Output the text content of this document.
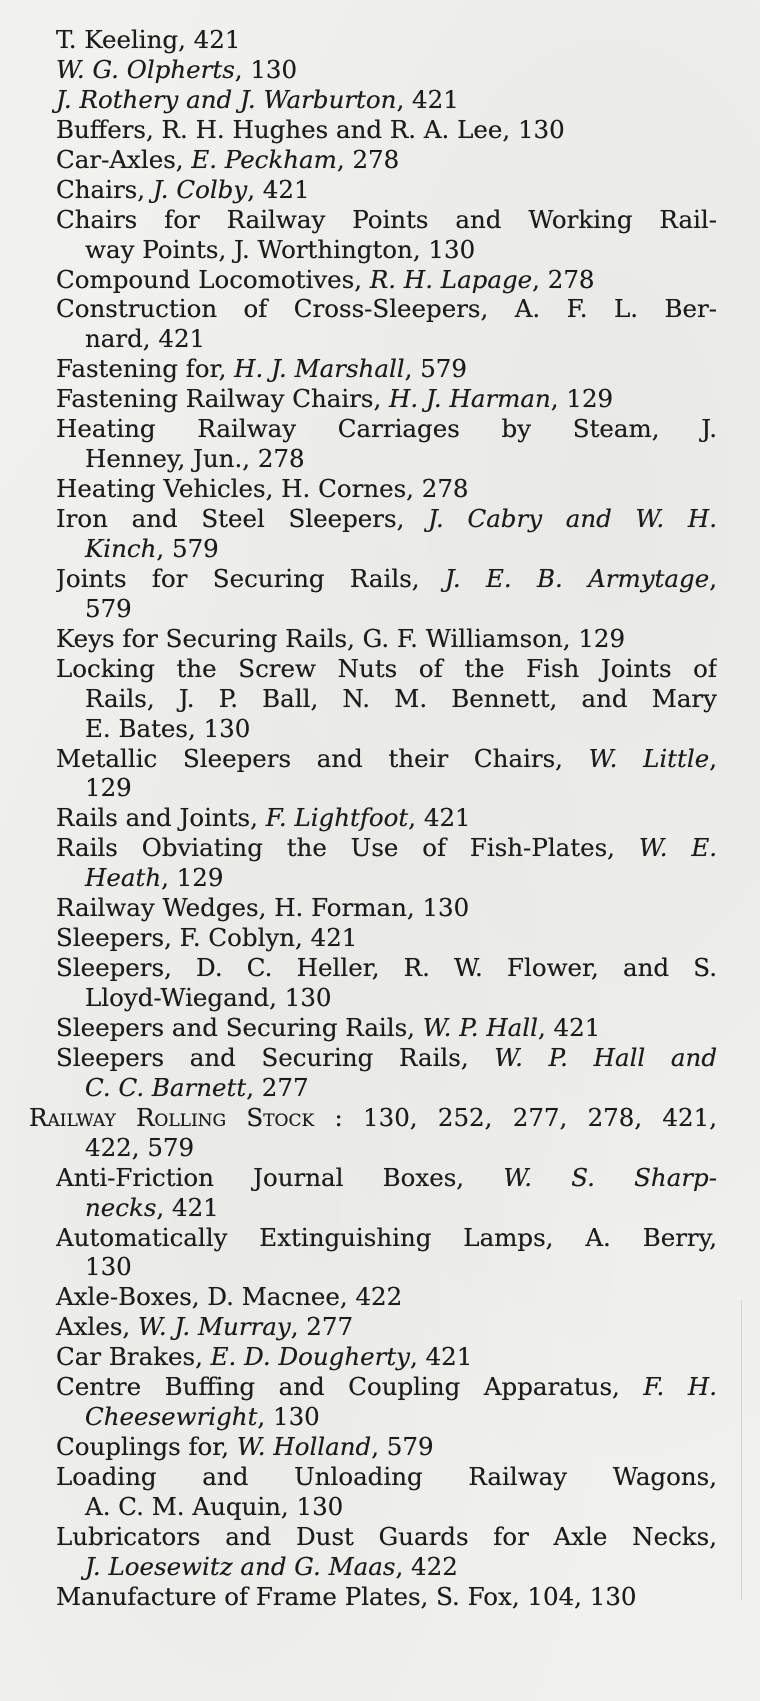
T. Keeling, 421
W. G. Olpherts, 130
J. Rothery and J. Warburton, 421
Buffers, R. H. Hughes and R. A. Lee, 130
Car-Axles, E. Peckham, 278
Chairs, J. Colby, 421
Chairs for Railway Points and Working Rail-
way Points, J. Worthington, 130
Compound Locomotives, R. H. Lapage, 278
Construction of Cross-Sleepers, A. F. L. Ber-
nard, 421
Fastening for, H. J. Marshall, 579
Fastening Railway Chairs, H. J. Harman, 129
Heating Railway Carriages by Steam, J.
Henney, Jun., 278
Heating Vehicles, H. Cornes, 278
Iron and Steel Sleepers, J. Cabry and W. H.
Kinch, 579
Joints for Securing Rails, J. E. B. Armytage,
579
Keys for Securing Rails, G. F. Williamson, 129
Locking the Screw Nuts of the Fish Joints of
Rails, J. P. Ball, N. M. Bennett, and Mary
E. Bates, 130
Metallic Sleepers and their Chairs, W. Little,
129
Rails and Joints, F. Lightfoot, 421
Rails Obviating the Use of Fish-Plates, W. E.
Heath, 129
Railway Wedges, H. Forman, 130
Sleepers, F. Coblyn, 421
Sleepers, D. C. Heller, R. W. Flower, and S.
Lloyd-Wiegand, 130
Sleepers and Securing Rails, W. P. Hall, 421
Sleepers and Securing Rails, W. P. Hall and
C. C. Barnett, 277
Railway Rolling Stock : 130, 252, 277, 278, 421,
422, 579
Anti-Friction Journal Boxes, W. S. Sharp-
necks, 421
Automatically Extinguishing Lamps, A. Berry,
130
Axle-Boxes, D. Macnee, 422
Axles, W. J. Murray, 277
Car Brakes, E. D. Dougherty, 421
Centre Buffing and Coupling Apparatus, F. H.
Cheesewright, 130
Couplings for, W. Holland, 579
Loading and Unloading Railway Wagons,
A. C. M. Auquin, 130
Lubricators and Dust Guards for Axle Necks,
J. Loesewitz and G. Maas, 422
Manufacture of Frame Plates, S. Fox, 104, 130
